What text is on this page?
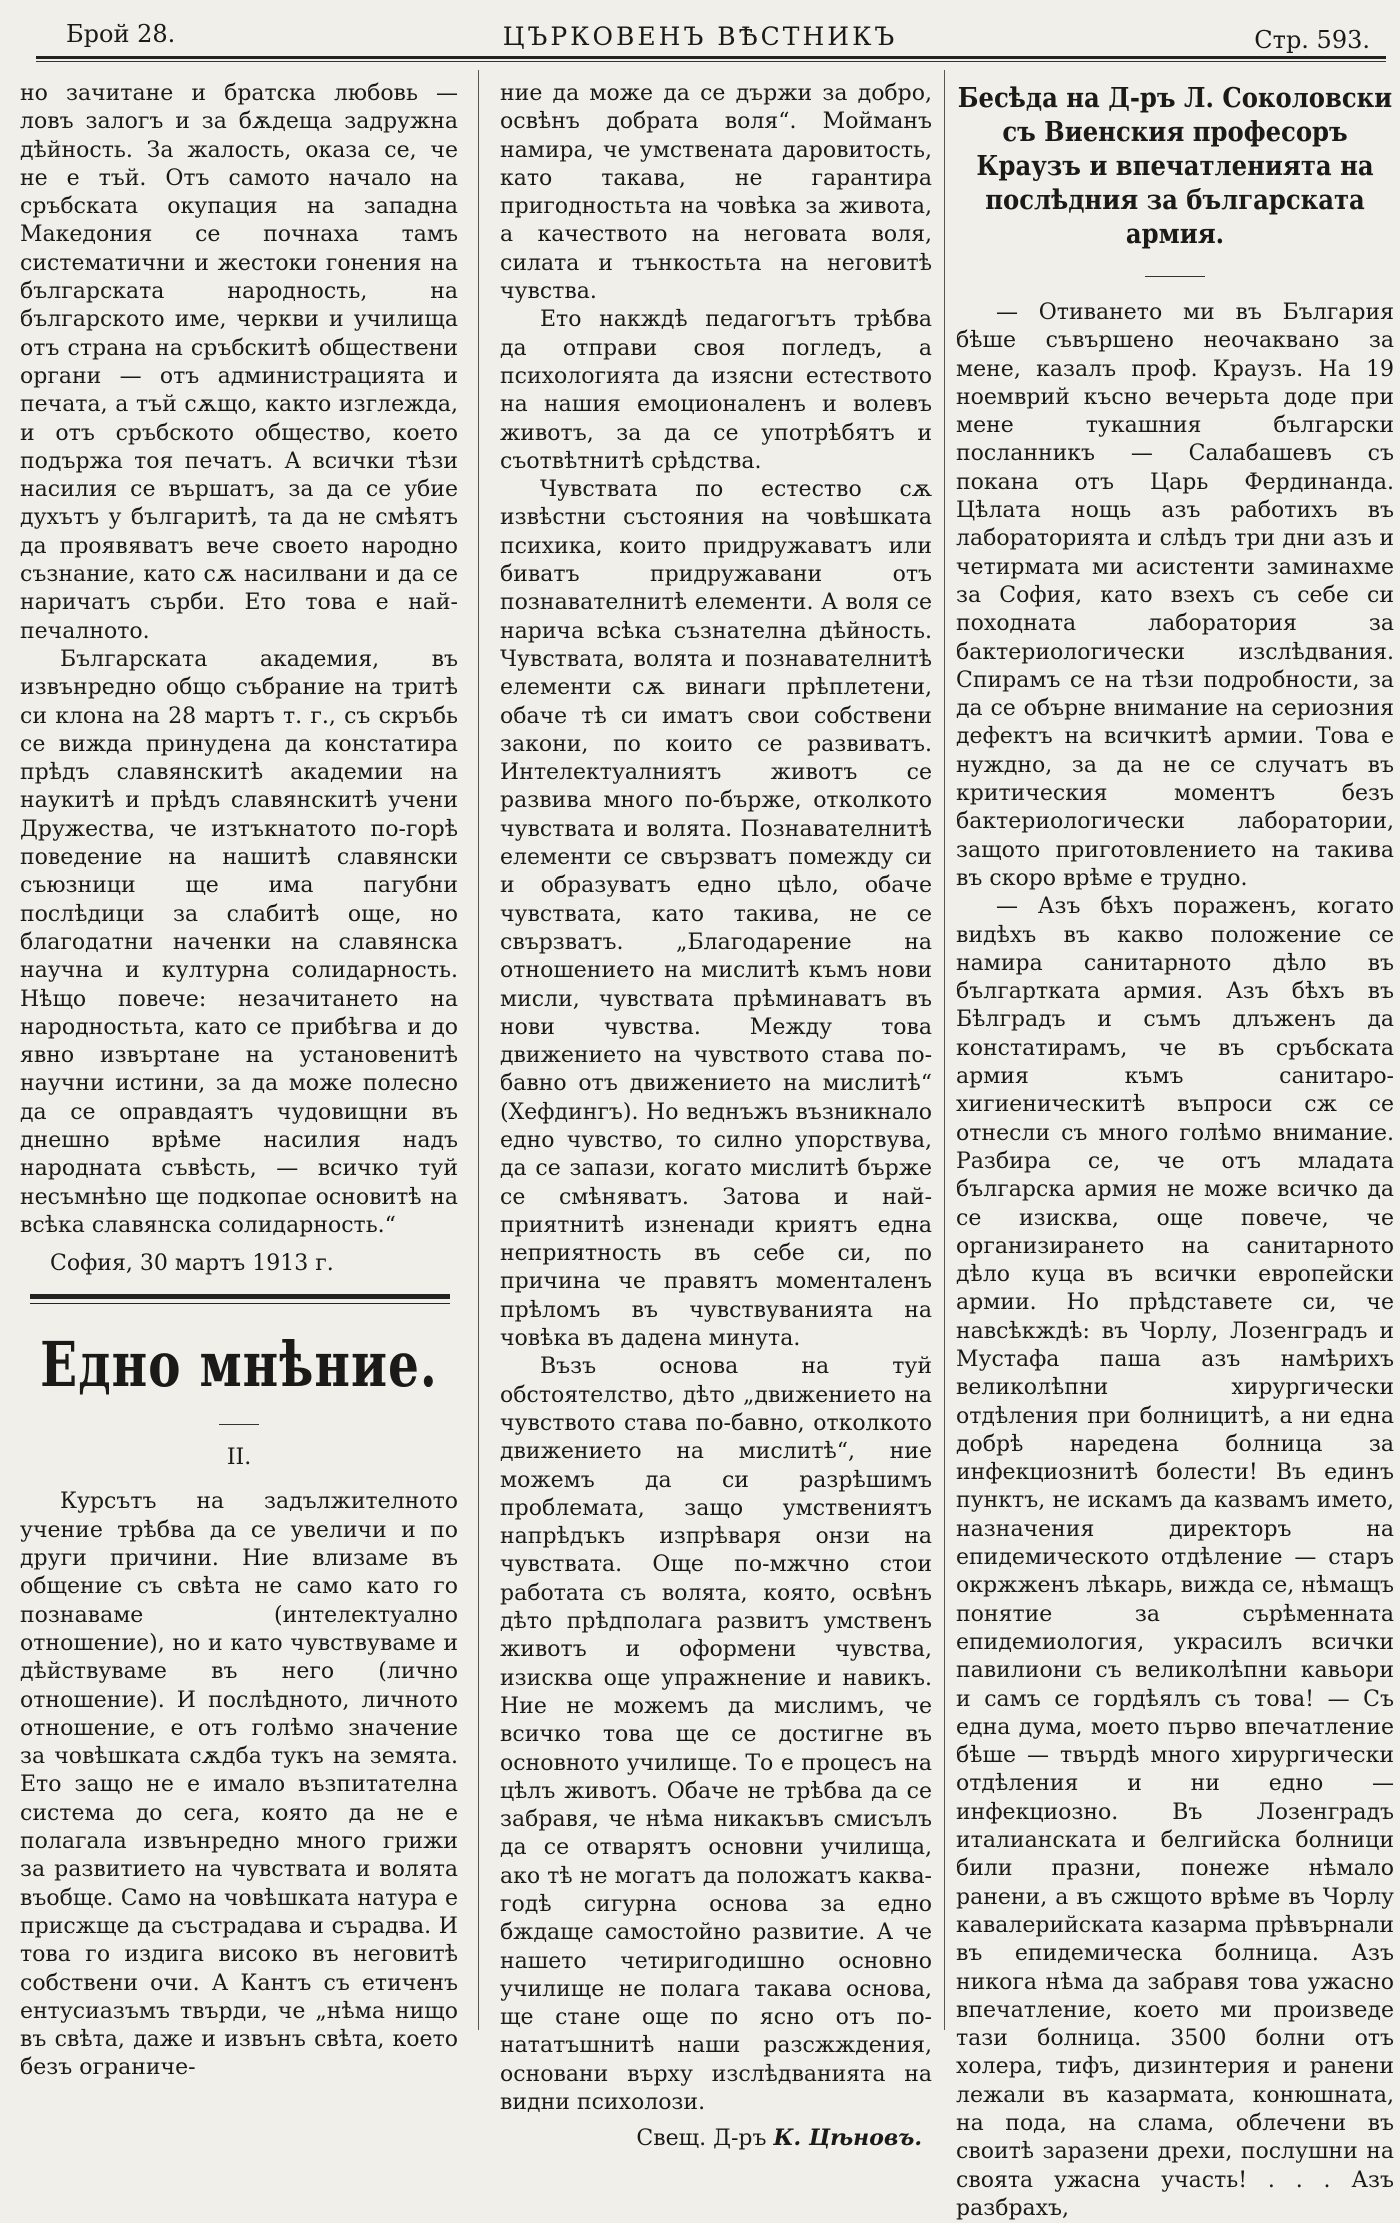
Брой 28.	ЦЪРКОВЕНЪ ВѢСТНИКЪ	Стр. 593.

но зачитане и братска любовь — ловъ залогъ и за бѫдеща задружна дѣйность. За жалость, оказа се, че не е тъй. Отъ самото начало на сръбската окупация на западна Македония се почнаха тамъ систематични и жестоки гонения на българската народность, на българското име, черкви и училища отъ страна на сръбскитѣ обществени органи — отъ администрацията и печата, а тъй сѫщо, както изглежда, и отъ сръбското общество, което подържа тоя печатъ. А всички тѣзи насилия се вършатъ, за да се убие духътъ у българитѣ, та да не смѣятъ да проявяватъ вече своето народно съзнание, като сѫ насилвани и да се наричатъ сърби. Ето това е най-печалното.

Българската академия, въ извънредно общо събрание на тритѣ си клона на 28 мартъ т. г., съ скръбь се вижда принудена да констатира прѣдъ славянскитѣ академии на наукитѣ и прѣдъ славянскитѣ учени Дружества, че изтъкнатото по-горѣ поведение на нашитѣ славянски съюзници ще има пагубни послѣдици за слабитѣ още, но благодатни наченки на славянска научна и културна солидарность. Нѣщо повече: незачитането на народностьта, като се прибѣгва и до явно извъртане на установенитѣ научни истини, за да може полесно да се оправдаятъ чудовищни въ днешно врѣме насилия надъ народната съвѣсть, — всичко туй несъмнѣно ще подкопае основитѣ на всѣка славянска солидарность.“

София, 30 мартъ 1913 г.

Едно мнѣние.
II.

Курсътъ на задължителното учение трѣбва да се увеличи и по други причини. Ние влизаме въ общение съ свѣта не само като го познаваме (интелектуално отношение), но и като чувствуваме и дѣйствуваме въ него (лично отношение). И послѣдното, личното отношение, е отъ голѣмо значение за човѣшката сѫдба тукъ на земята. Ето защо не е имало възпитателна система до сега, която да не е полагала извънредно много грижи за развитието на чувствата и волята въобще. Само на човѣшката натура е присжще да състрадава и сърадва. И това го издига високо въ неговитѣ собствени очи. А Кантъ съ етиченъ ентусиазъмъ твърди, че „нѣма нищо въ свѣта, даже и извънъ свѣта, което безъ ограниче-

ние да може да се държи за добро, освѣнъ добрата воля“. Мойманъ намира, че умствената даровитость, като такава, не гарантира пригодностьта на човѣка за живота, а качеството на неговата воля, силата и тънкостьта на неговитѣ чувства.

Ето накждѣ педагогътъ трѣбва да отправи своя погледъ, а психологията да изясни естеството на нашия емоционаленъ и волевъ животъ, за да се употрѣбятъ и съотвѣтнитѣ срѣдства.

Чувствата по естество сѫ извѣстни състояния на човѣшката психика, които придружаватъ или биватъ придружавани отъ познавателнитѣ елементи. А воля се нарича всѣка съзнателна дѣйность. Чувствата, волята и познавателнитѣ елементи сѫ винаги прѣплетени, обаче тѣ си иматъ свои собствени закони, по които се развиватъ. Интелектуалниятъ животъ се развива много по-бърже, отколкото чувствата и волята. Познавателнитѣ елементи се свързватъ помежду си и образуватъ едно цѣло, обаче чувствата, като такива, не се свързватъ. „Благодарение на отношението на мислитѣ къмъ нови мисли, чувствата прѣминаватъ въ нови чувства. Между това движението на чувството става по-бавно отъ движението на мислитѣ“ (Хефдингъ). Но веднъжъ възникнало едно чувство, то силно упорствува, да се запази, когато мислитѣ бърже се смѣняватъ. Затова и най-приятнитѣ изненади криятъ една неприятность въ себе си, по причина че правятъ моменталенъ прѣломъ въ чувствуванията на човѣка въ дадена минута.

Възъ основа на туй обстоятелство, дѣто „движението на чувството става по-бавно, отколкото движението на мислитѣ“, ние можемъ да си разрѣшимъ проблемата, защо умствениятъ напрѣдъкъ изпрѣваря онзи на чувствата. Още по-мжчно стои работата съ волята, която, освѣнъ дѣто прѣдполага развитъ умственъ животъ и оформени чувства, изисква още упражнение и навикъ. Ние не можемъ да мислимъ, че всичко това ще се достигне въ основното училище. То е процесъ на цѣлъ животъ. Обаче не трѣбва да се забравя, че нѣма никакъвъ смисълъ да се отварятъ основни училища, ако тѣ не могатъ да положатъ каква-годѣ сигурна основа за едно бждаще самостойно развитие. А че нашето четиригодишно основно училище не полага такава основа, ще стане още по ясно отъ по-нататъшнитѣ наши разсжждения, основани върху изслѣдванията на видни психолози.

Свещ. Д-ръ К. Цѣновъ.
Бесѣда на Д-ръ Л. Соколовски съ Виенския професоръ Краузъ и впечатленията на послѣдния за българската армия.

— Отиването ми въ България бѣше съвършено неочаквано за мене, казалъ проф. Краузъ. На 19 ноемврий късно вечерьта доде при мене тукашния български посланникъ — Салабашевъ съ покана отъ Царь Фердинанда. Цѣлата нощь азъ работихъ въ лабораторията и слѣдъ три дни азъ и четирмата ми асистенти заминахме за София, като взехъ съ себе си походната лаборатория за бактериологически изслѣдвания. Спирамъ се на тѣзи подробности, за да се обърне внимание на сериозния дефектъ на всичкитѣ армии. Това е нуждно, за да не се случатъ въ критическия моментъ безъ бактериологически лаборатории, защото приготовлението на такива въ скоро врѣме е трудно.

— Азъ бѣхъ пораженъ, когато видѣхъ въ какво положение се намира санитарното дѣло въ българтката армия. Азъ бѣхъ въ Бѣлградъ и съмъ длъженъ да констатирамъ, че въ сръбската армия къмъ санитаро-хигиеническитѣ въпроси сж се отнесли съ много голѣмо внимание. Разбира се, че отъ младата българска армия не може всичко да се изисква, още повече, че организирането на санитарното дѣло куца въ всички европейски армии. Но прѣдставете си, че навсѣкждѣ: въ Чорлу, Лозенградъ и Мустафа паша азъ намѣрихъ великолѣпни хирургически отдѣления при болницитѣ, а ни една добрѣ наредена болница за инфекциознитѣ болести! Въ единъ пунктъ, не искамъ да казвамъ името, назначения директоръ на епидемическото отдѣление — старъ окржженъ лѣкарь, виждa се, нѣмащъ понятие за сърѣменната епидемиология, украсилъ всички павилиони съ великолѣпни кавьори и самъ се гордѣялъ съ това! — Съ една дума, моето първо впечатление бѣше — твърдѣ много хирургически отдѣления и ни едно — инфекциозно. Въ Лозенградъ италианската и белгийска болници били празни, понеже нѣмало ранени, а въ сжщото врѣме въ Чорлу кавалерийската казарма прѣвърнали въ епидемическа болница. Азъ никога нѣма да забравя това ужасно впечатление, което ми произведе тази болница. 3500 болни отъ холера, тифъ, дизинтерия и ранени лежали въ казармата, конюшната, на пода, на слама, облечени въ своитѣ заразени дрехи, послушни на своята ужасна участь! . . . Азъ разбрахъ,
